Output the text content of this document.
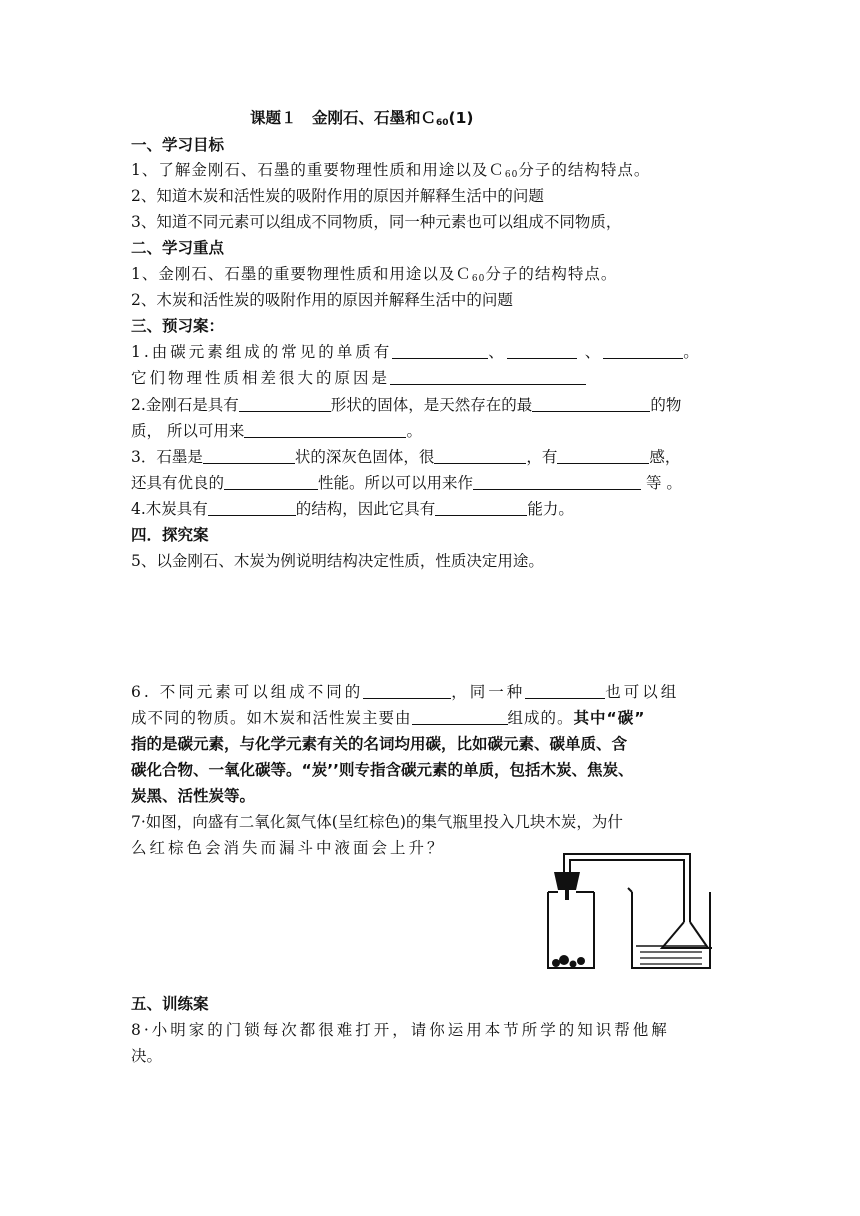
课题１　金刚石、石墨和Ｃ$_{60}$(1)
一、学习目标
1、了解金刚石、石墨的重要物理性质和用途以及Ｃ$_{60}$分子的结构特点。
2、知道木炭和活性炭的吸附作用的原因并解释生活中的问题
3、知道不同元素可以组成不同物质，同一种元素也可以组成不同物质，
二、学习重点
1、金刚石、石墨的重要物理性质和用途以及Ｃ$_{60}$分子的结构特点。
2、木炭和活性炭的吸附作用的原因并解释生活中的问题
三、预习案：
1.由碳元素组成的常见的单质有	、	、	。
它们物理性质相差很大的原因是
2.金刚石是具有	形状的固体，是天然存在的最	的物
质， 所以可用来	。
3．石墨是	状的深灰色固体，很	，有	感，
还具有优良的	性能。所以可以用来作	等 。
4.木炭具有	的结构，因此它具有	能力。
四．探究案
5、以金刚石、木炭为例说明结构决定性质，性质决定用途。
6. 不同元素可以组成不同的	，同一种	也可以组
成不同的物质。如木炭和活性炭主要由	组成的。其中“碳”
指的是碳元素，与化学元素有关的名词均用碳，比如碳元素、碳单质、含
碳化合物、一氧化碳等。“炭’’则专指含碳元素的单质，包括木炭、焦炭、
炭黑、活性炭等。
7·如图，向盛有二氧化氮气体(呈红棕色)的集气瓶里投入几块木炭，为什
么红棕色会消失而漏斗中液面会上升？
五、训练案
8·小明家的门锁每次都很难打开，请你运用本节所学的知识帮他解
决。
